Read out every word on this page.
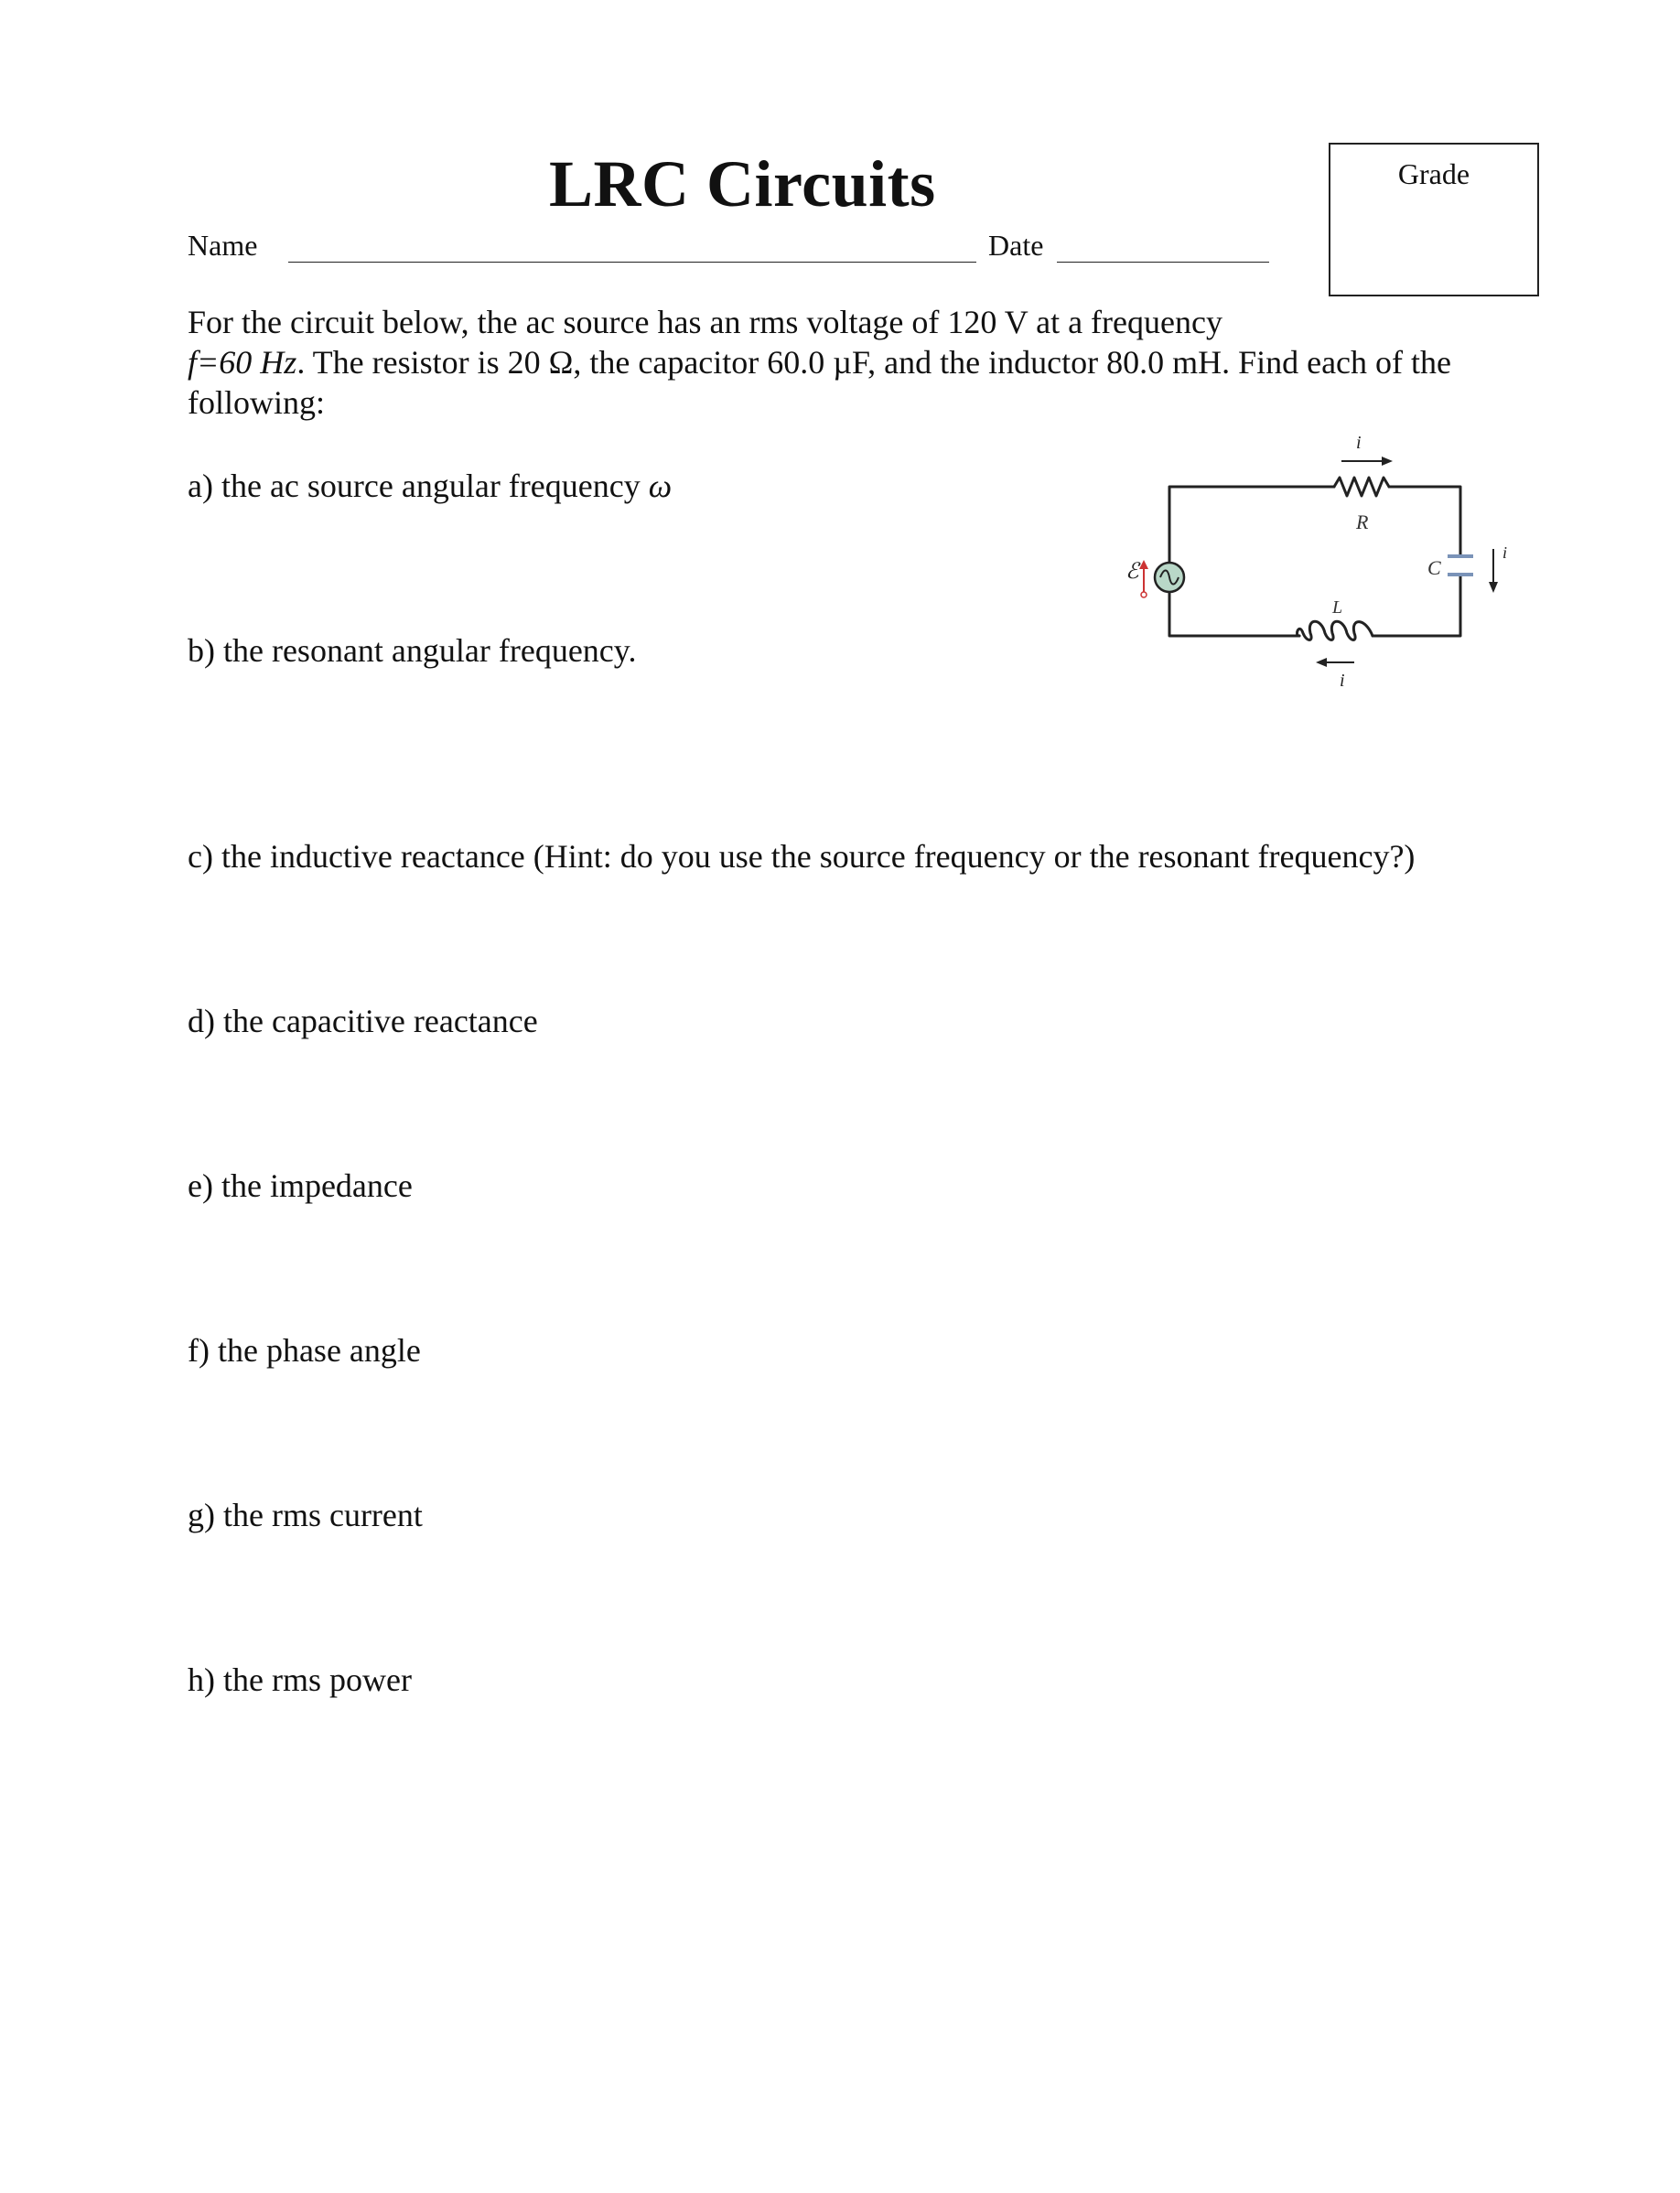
LRC Circuits	Grade
Name	Date

For the circuit below, the ac source has an rms voltage of 120 V at a frequency

f=60 Hz. The resistor is 20 Ω, the capacitor 60.0 µF, and the inductor 80.0 mH. Find each of the

following:

a) the ac source angular frequency ω
b) the resonant angular frequency.
c) the inductive reactance (Hint: do you use the source frequency or the resonant frequency?)
d) the capacitive reactance
e) the impedance
f) the phase angle
g) the rms current
h) the rms power
ℰ	C
i
R
i
L
i
